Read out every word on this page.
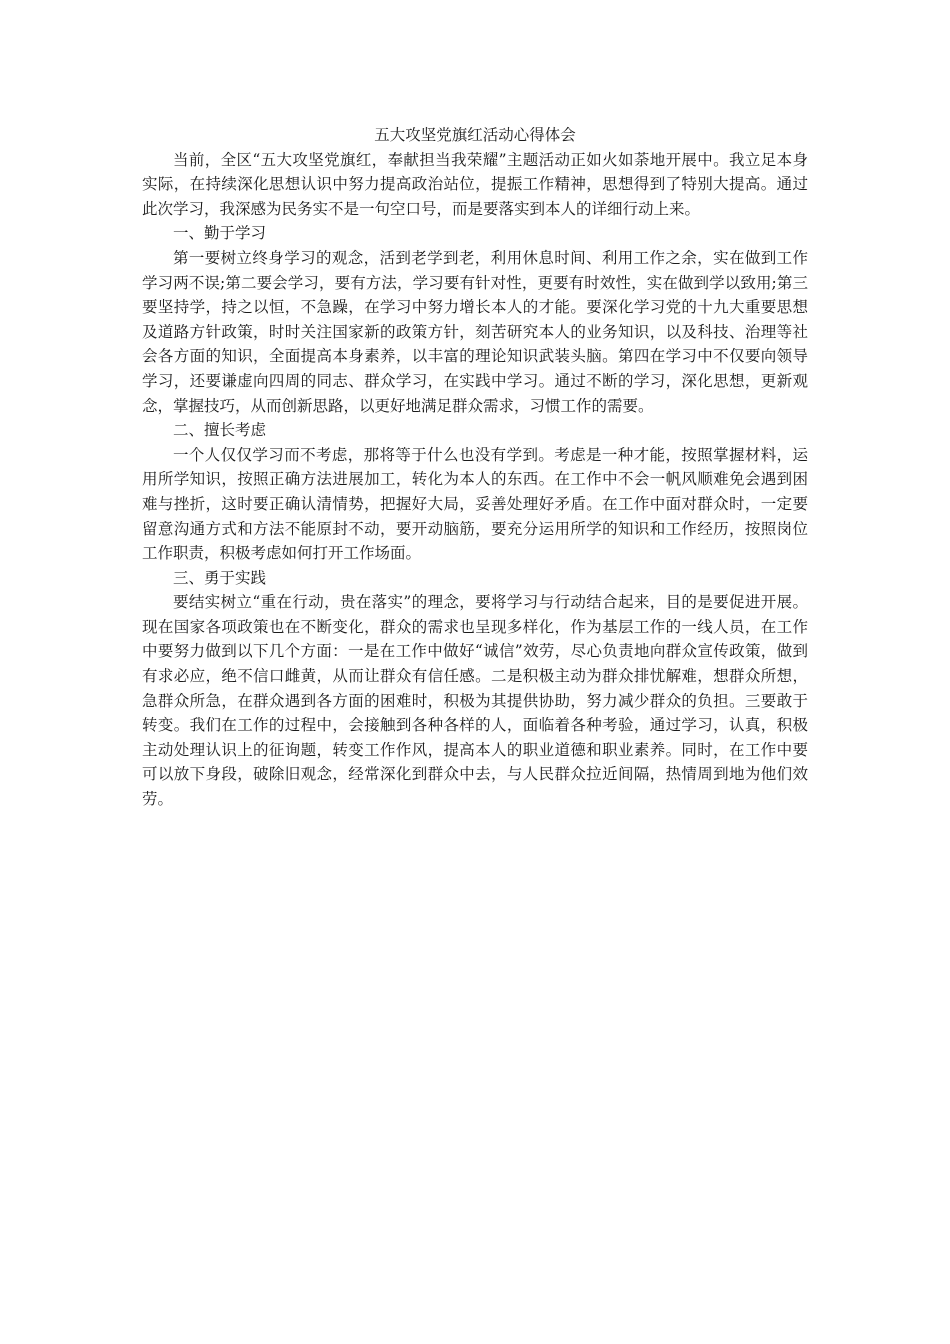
五大攻坚党旗红活动心得体会

当前，全区“五大攻坚党旗红，奉献担当我荣耀”主题活动正如火如荼地开展中。我立足本身实际，在持续深化思想认识中努力提高政治站位，提振工作精神，思想得到了特别大提高。通过此次学习，我深感为民务实不是一句空口号，而是要落实到本人的详细行动上来。

一、勤于学习

第一要树立终身学习的观念，活到老学到老，利用休息时间、利用工作之余，实在做到工作学习两不误;第二要会学习，要有方法，学习要有针对性，更要有时效性，实在做到学以致用;第三要坚持学，持之以恒，不急躁，在学习中努力增长本人的才能。要深化学习党的十九大重要思想及道路方针政策，时时关注国家新的政策方针，刻苦研究本人的业务知识，以及科技、治理等社会各方面的知识，全面提高本身素养，以丰富的理论知识武装头脑。第四在学习中不仅要向领导学习，还要谦虚向四周的同志、群众学习，在实践中学习。通过不断的学习，深化思想，更新观念，掌握技巧，从而创新思路，以更好地满足群众需求，习惯工作的需要。

二、擅长考虑

一个人仅仅学习而不考虑，那将等于什么也没有学到。考虑是一种才能，按照掌握材料，运用所学知识，按照正确方法进展加工，转化为本人的东西。在工作中不会一帆风顺难免会遇到困难与挫折，这时要正确认清情势，把握好大局，妥善处理好矛盾。在工作中面对群众时，一定要留意沟通方式和方法不能原封不动，要开动脑筋，要充分运用所学的知识和工作经历，按照岗位工作职责，积极考虑如何打开工作场面。

三、勇于实践

要结实树立“重在行动，贵在落实”的理念，要将学习与行动结合起来，目的是要促进开展。现在国家各项政策也在不断变化，群众的需求也呈现多样化，作为基层工作的一线人员，在工作中要努力做到以下几个方面：一是在工作中做好“诚信”效劳，尽心负责地向群众宣传政策，做到有求必应，绝不信口雌黄，从而让群众有信任感。二是积极主动为群众排忧解难，想群众所想，急群众所急，在群众遇到各方面的困难时，积极为其提供协助，努力减少群众的负担。三要敢于转变。我们在工作的过程中，会接触到各种各样的人，面临着各种考验，通过学习，认真，积极主动处理认识上的征询题，转变工作作风，提高本人的职业道德和职业素养。同时，在工作中要可以放下身段，破除旧观念，经常深化到群众中去，与人民群众拉近间隔，热情周到地为他们效劳。
